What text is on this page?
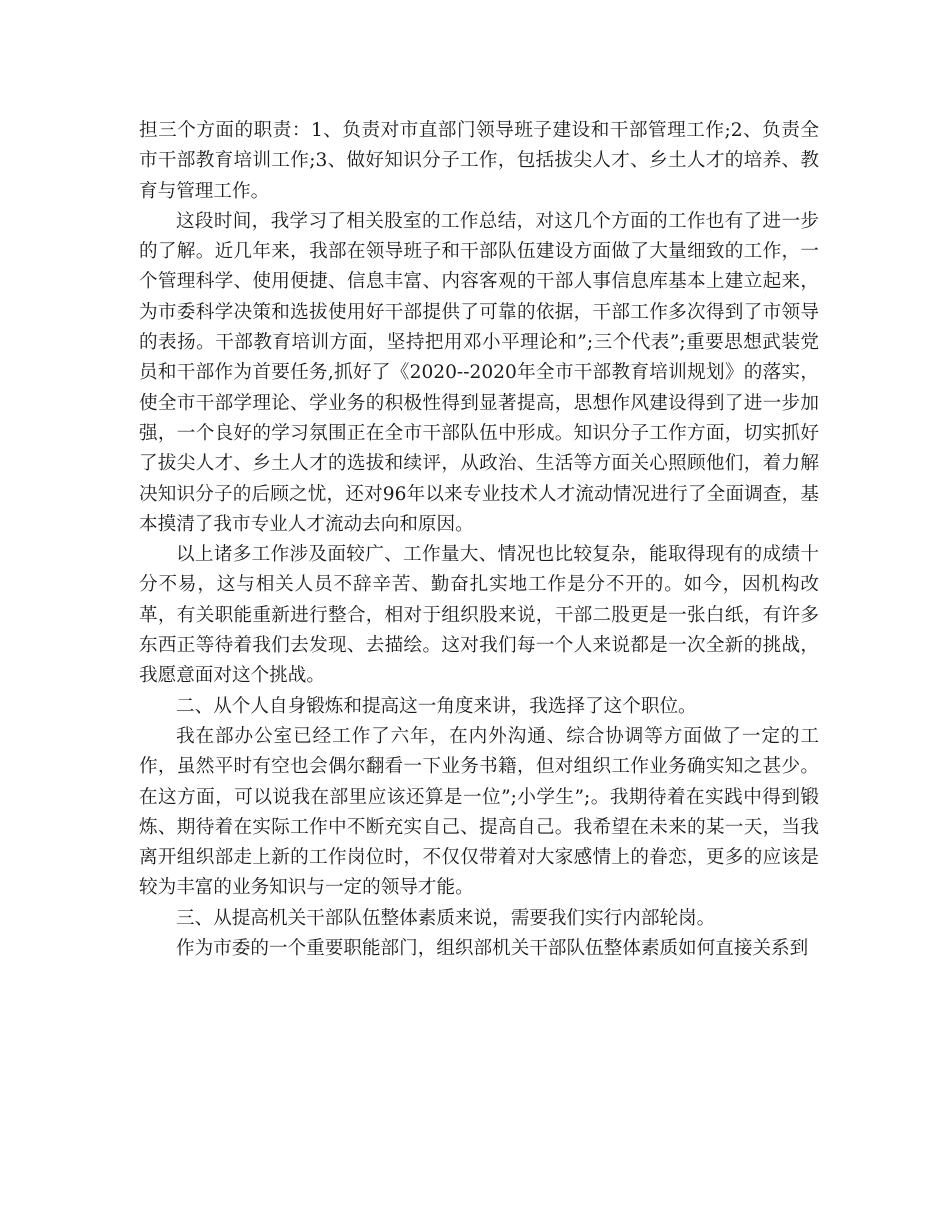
担三个方面的职责：1、负责对市直部门领导班子建设和干部管理工作;2、负责全市干部教育培训工作;3、做好知识分子工作，包括拔尖人才、乡土人才的培养、教育与管理工作。

这段时间，我学习了相关股室的工作总结，对这几个方面的工作也有了进一步的了解。近几年来，我部在领导班子和干部队伍建设方面做了大量细致的工作，一个管理科学、使用便捷、信息丰富、内容客观的干部人事信息库基本上建立起来，为市委科学决策和选拔使用好干部提供了可靠的依据，干部工作多次得到了市领导的表扬。干部教育培训方面，坚持把用邓小平理论和”;三个代表”;重要思想武装党员和干部作为首要任务,抓好了《2020--2020年全市干部教育培训规划》的落实，使全市干部学理论、学业务的积极性得到显著提高，思想作风建设得到了进一步加强，一个良好的学习氛围正在全市干部队伍中形成。知识分子工作方面，切实抓好了拔尖人才、乡土人才的选拔和续评，从政治、生活等方面关心照顾他们，着力解决知识分子的后顾之忧，还对96年以来专业技术人才流动情况进行了全面调查，基本摸清了我市专业人才流动去向和原因。

以上诸多工作涉及面较广、工作量大、情况也比较复杂，能取得现有的成绩十分不易，这与相关人员不辞辛苦、勤奋扎实地工作是分不开的。如今，因机构改革，有关职能重新进行整合，相对于组织股来说，干部二股更是一张白纸，有许多东西正等待着我们去发现、去描绘。这对我们每一个人来说都是一次全新的挑战，我愿意面对这个挑战。

二、从个人自身锻炼和提高这一角度来讲，我选择了这个职位。

我在部办公室已经工作了六年，在内外沟通、综合协调等方面做了一定的工作，虽然平时有空也会偶尔翻看一下业务书籍，但对组织工作业务确实知之甚少。在这方面，可以说我在部里应该还算是一位”;小学生”;。我期待着在实践中得到锻炼、期待着在实际工作中不断充实自己、提高自己。我希望在未来的某一天，当我离开组织部走上新的工作岗位时，不仅仅带着对大家感情上的眷恋，更多的应该是较为丰富的业务知识与一定的领导才能。

三、从提高机关干部队伍整体素质来说，需要我们实行内部轮岗。

作为市委的一个重要职能部门，组织部机关干部队伍整体素质如何直接关系到
